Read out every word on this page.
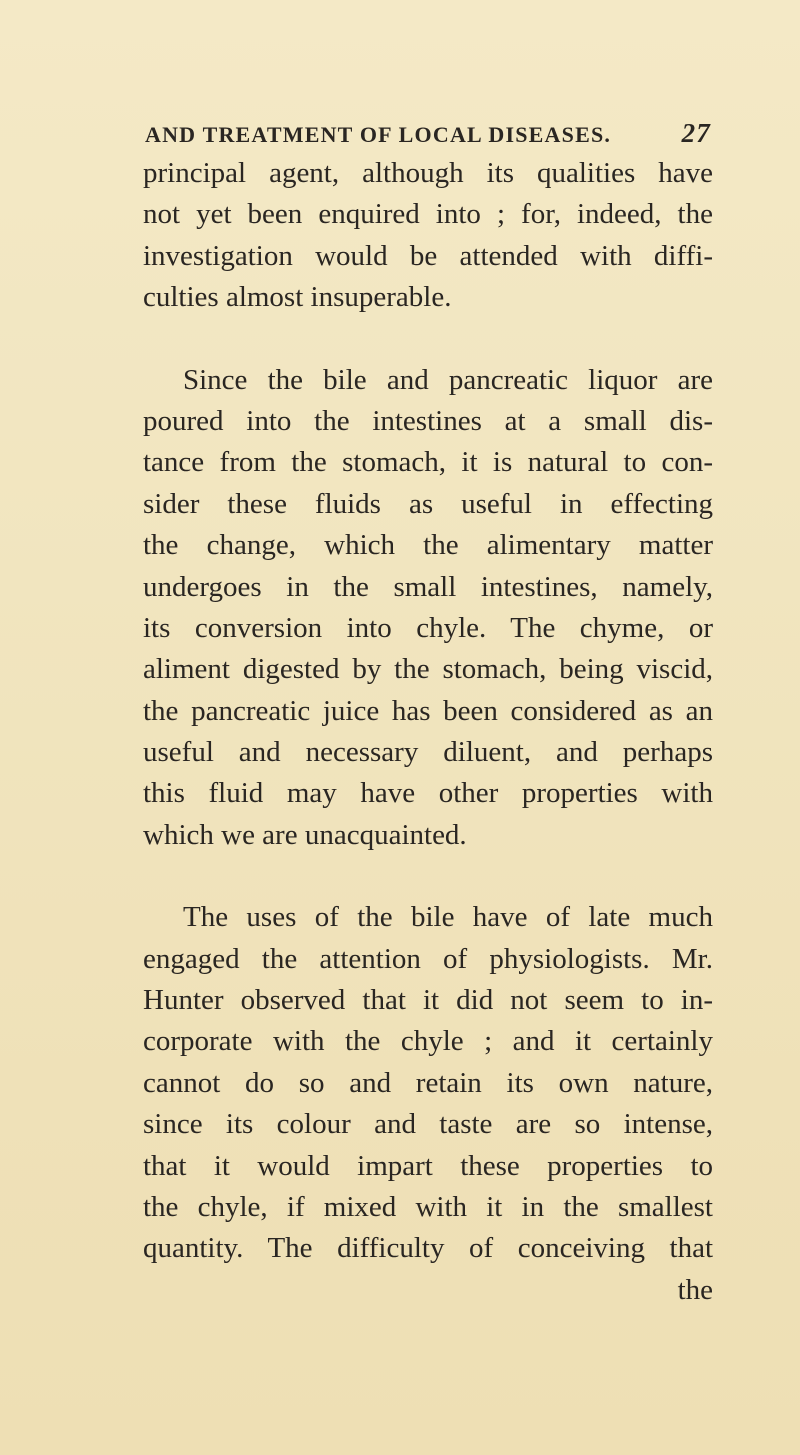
AND TREATMENT OF LOCAL DISEASES.	27
principal agent, although its qualities have
not yet been enquired into ; for, indeed, the
investigation would be attended with diffi-
culties almost insuperable.
Since the bile and pancreatic liquor are
poured into the intestines at a small dis-
tance from the stomach, it is natural to con-
sider these fluids as useful in effecting
the change, which the alimentary matter
undergoes in the small intestines, namely,
its conversion into chyle. The chyme, or
aliment digested by the stomach, being viscid,
the pancreatic juice has been considered as an
useful and necessary diluent, and perhaps
this fluid may have other properties with
which we are unacquainted.
The uses of the bile have of late much
engaged the attention of physiologists. Mr.
Hunter observed that it did not seem to in-
corporate with the chyle ; and it certainly
cannot do so and retain its own nature,
since its colour and taste are so intense,
that it would impart these properties to
the chyle, if mixed with it in the smallest
quantity. The difficulty of conceiving that
the
